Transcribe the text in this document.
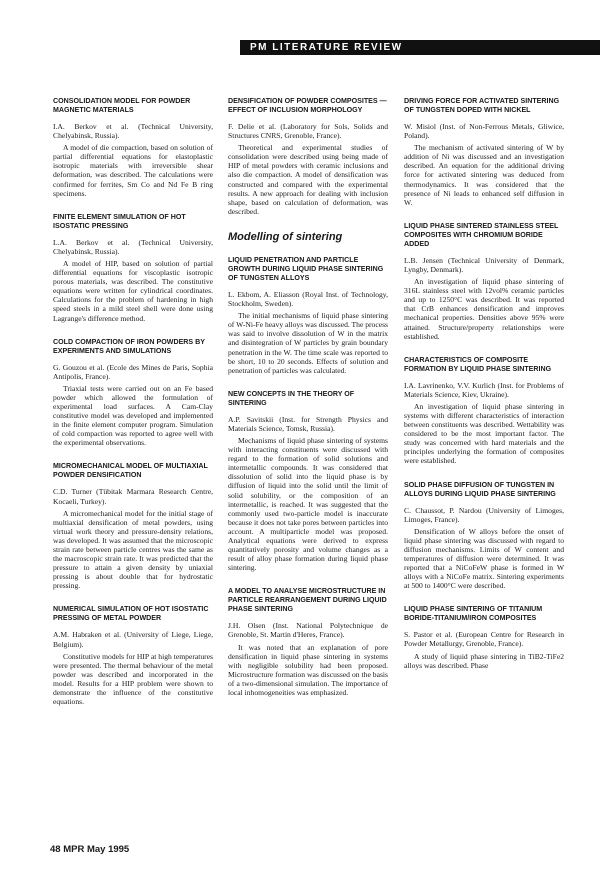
PM LITERATURE REVIEW
CONSOLIDATION MODEL FOR POWDER MAGNETIC MATERIALS

I.A. Berkov et al. (Technical University, Chelyabinsk, Russia).

A model of die compaction, based on solution of partial differential equations for elastoplastic isotropic materials with irreversible shear deformation, was described. The calculations were confirmed for ferrites, Sm Co and Nd Fe B ring specimens.

FINITE ELEMENT SIMULATION OF HOT ISOSTATIC PRESSING

L.A. Berkov et al. (Technical University, Chelyabinsk, Russia).

A model of HIP, based on solution of partial differential equations for viscoplastic isotropic porous materials, was described. The constitutive equations were written for cylindrical coordinates. Calculations for the problem of hardening in high speed steels in a mild steel shell were done using Lagrange's difference method.

COLD COMPACTION OF IRON POWDERS BY EXPERIMENTS AND SIMULATIONS

G. Gouzou et al. (Ecole des Mines de Paris, Sophia Antipolis, France).

Triaxial tests were carried out on an Fe based powder which allowed the formulation of experimental load surfaces. A Cam-Clay constitutive model was developed and implemented in the finite element computer program. Simulation of cold compaction was reported to agree well with the experimental observations.

MICROMECHANICAL MODEL OF MULTIAXIAL POWDER DENSIFICATION

C.D. Turner (Tübitak Marmara Research Centre, Kocaeli, Turkey).

A micromechanical model for the initial stage of multiaxial densification of metal powders, using virtual work theory and pressure-density relations, was developed. It was assumed that the microscopic strain rate between particle centres was the same as the macroscopic strain rate. It was predicted that the pressure to attain a given density by uniaxial pressing is about double that for hydrostatic pressing.

NUMERICAL SIMULATION OF HOT ISOSTATIC PRESSING OF METAL POWDER

A.M. Habraken et al. (University of Liege, Liege, Belgium).

Constitutive models for HIP at high temperatures were presented. The thermal behaviour of the metal powder was described and incorporated in the model. Results for a HIP problem were shown to demonstrate the influence of the constitutive equations.

DENSIFICATION OF POWDER COMPOSITES — EFFECT OF INCLUSION MORPHOLOGY

F. Delie et al. (Laboratory for Sols, Solids and Structures CNRS, Grenoble, France).

Theoretical and experimental studies of consolidation were described using being made of HIP of metal powders with ceramic inclusions and also die compaction. A model of densification was constructed and compared with the experimental results. A new approach for dealing with inclusion shape, based on calculation of deformation, was described.

Modelling of sintering
LIQUID PENETRATION AND PARTICLE GROWTH DURING LIQUID PHASE SINTERING OF TUNGSTEN ALLOYS

L. Ekbom, A. Eliasson (Royal Inst. of Technology, Stockholm, Sweden).

The initial mechanisms of liquid phase sintering of W-Ni-Fe heavy alloys was discussed. The process was said to involve dissolution of W in the matrix and disintegration of W particles by grain boundary penetration in the W. The time scale was reported to be short, 10 to 20 seconds. Effects of solution and penetration of particles was calculated.

NEW CONCEPTS IN THE THEORY OF SINTERING

A.P. Savitskii (Inst. for Strength Physics and Materials Science, Tomsk, Russia).

Mechanisms of liquid phase sintering of systems with interacting constituents were discussed with regard to the formation of solid solutions and intermetallic compounds. It was considered that dissolution of solid into the liquid phase is by diffusion of liquid into the solid until the limit of solid solubility, or the composition of an intermetallic, is reached. It was suggested that the commonly used two-particle model is inaccurate because it does not take pores between particles into account. A multiparticle model was proposed. Analytical equations were derived to express quantitatively porosity and volume changes as a result of alloy phase formation during liquid phase sintering.

A MODEL TO ANALYSE MICROSTRUCTURE IN PARTICLE REARRANGEMENT DURING LIQUID PHASE SINTERING

J.H. Olsen (Inst. National Polytechnique de Grenoble, St. Martin d'Heres, France).

It was noted that an explanation of pore densification in liquid phase sintering in systems with negligible solubility had been proposed. Microstructure formation was discussed on the basis of a two-dimensional simulation. The importance of local inhomogeneities was emphasized.

DRIVING FORCE FOR ACTIVATED SINTERING OF TUNGSTEN DOPED WITH NICKEL

W. Misiol (Inst. of Non-Ferrous Metals, Gliwice, Poland).

The mechanism of activated sintering of W by addition of Ni was discussed and an investigation described. An equation for the additional driving force for activated sintering was deduced from thermodynamics. It was considered that the presence of Ni leads to enhanced self diffusion in W.

LIQUID PHASE SINTERED STAINLESS STEEL COMPOSITES WITH CHROMIUM BORIDE ADDED

L.B. Jensen (Technical University of Denmark, Lyngby, Denmark).

An investigation of liquid phase sintering of 316L stainless steel with 12vol% ceramic particles and up to 1250°C was described. It was reported that CrB enhances densification and improves mechanical properties. Densities above 95% were attained. Structure/property relationships were established.

CHARACTERISTICS OF COMPOSITE FORMATION BY LIQUID PHASE SINTERING

I.A. Lavrinenko, V.V. Kurlich (Inst. for Problems of Materials Science, Kiev, Ukraine).

An investigation of liquid phase sintering in systems with different characteristics of interaction between constituents was described. Wettability was considered to be the most important factor. The study was concerned with hard materials and the principles underlying the formation of composites were established.

SOLID PHASE DIFFUSION OF TUNGSTEN IN ALLOYS DURING LIQUID PHASE SINTERING

C. Chaussot, P. Nardou (University of Limoges, Limoges, France).

Densification of W alloys before the onset of liquid phase sintering was discussed with regard to diffusion mechanisms. Limits of W content and temperatures of diffusion were determined. It was reported that a NiCoFeW phase is formed in W alloys with a NiCoFe matrix. Sintering experiments at 500 to 1400°C were described.

LIQUID PHASE SINTERING OF TITANIUM BORIDE-TITANIUM/IRON COMPOSITES

S. Pastor et al. (European Centre for Research in Powder Metallurgy, Grenoble, France).

A study of liquid phase sintering in TiB2-TiFe2 alloys was described. Phase

48 MPR May 1995
